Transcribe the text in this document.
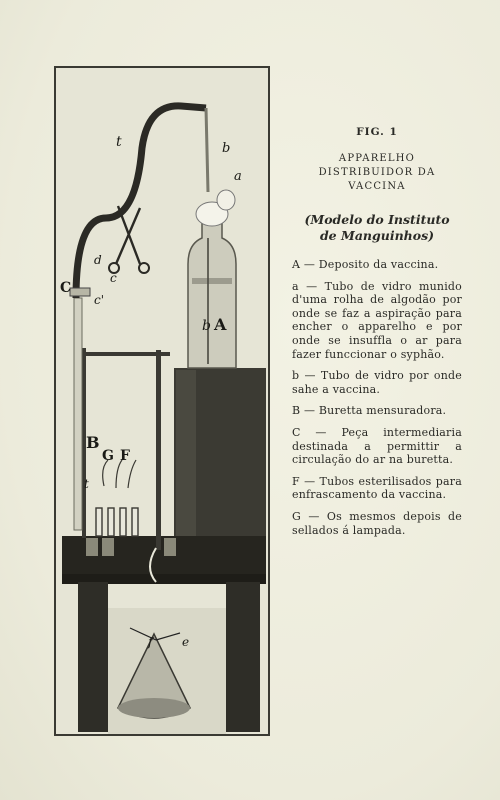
t	b
a
b
d
c
c'
t
f e
A
C
B
G F

FIG. 1

APPARELHO

DISTRIBUIDOR DA

VACCINA

(Modelo do Instituto
de Manguinhos)

A — Deposito da vaccina.
a — Tubo de vidro munido d'uma rolha de algodão por onde se faz a aspiração para encher o apparelho e por onde se insuffla o ar para fazer funccionar o syphão.
b — Tubo de vidro por onde sahe a vaccina.
B — Buretta mensuradora.
C — Peça intermediaria destinada a permittir a circulação do ar na buretta.
F — Tubos esterilisados para enfrascamento da vaccina.
G — Os mesmos depois de sellados á lampada.
